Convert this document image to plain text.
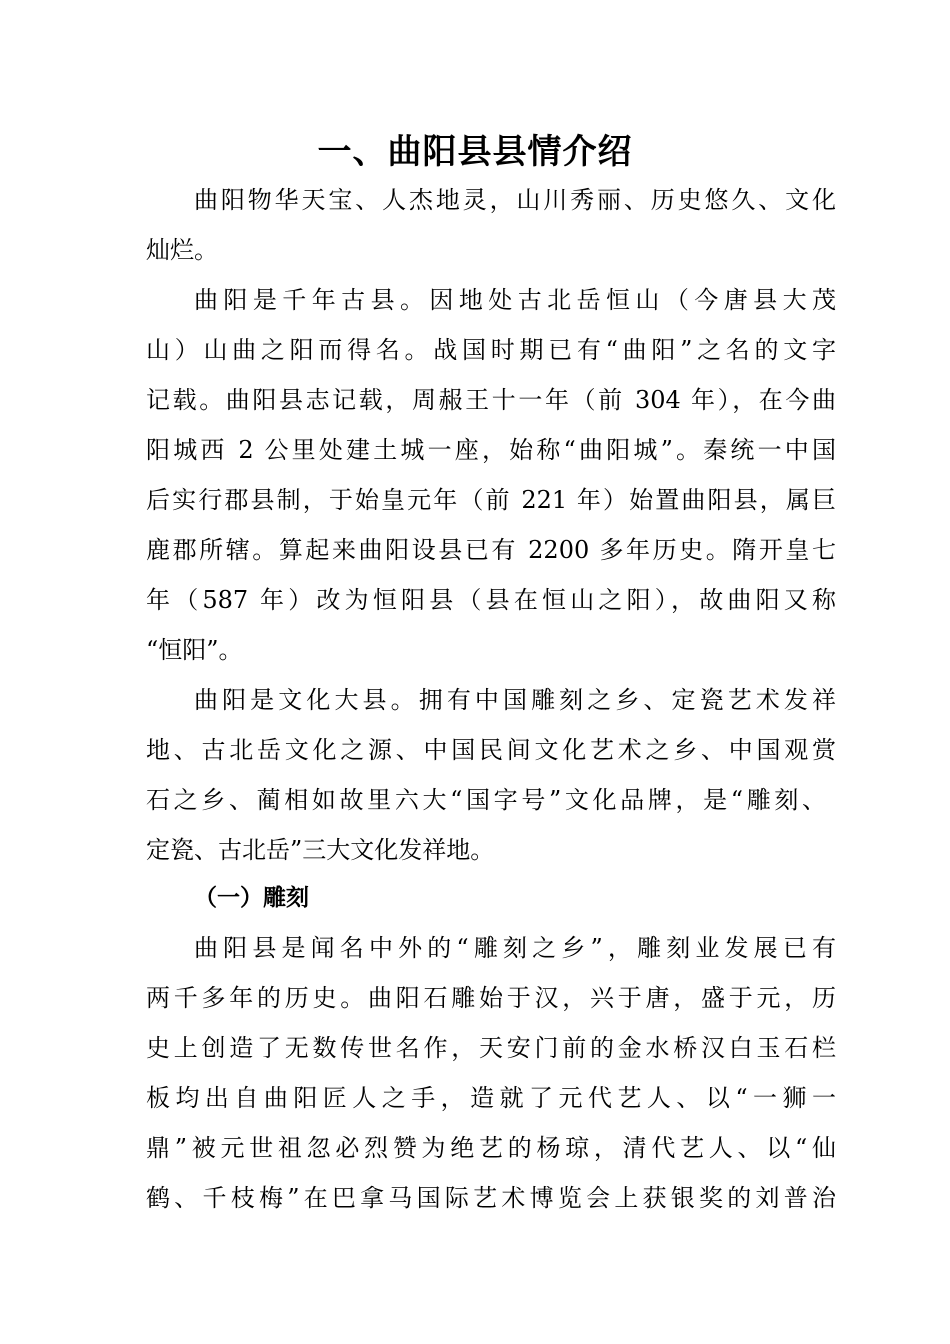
一、曲阳县县情介绍
曲阳物华天宝、人杰地灵，山川秀丽、历史悠久、文化
灿烂。
曲阳是千年古县。因地处古北岳恒山（今唐县大茂
山）山曲之阳而得名。战国时期已有“曲阳”之名的文字
记载。曲阳县志记载，周赧王十一年（前 304 年），在今曲
阳城西 2 公里处建土城一座，始称“曲阳城”。秦统一中国
后实行郡县制，于始皇元年（前 221 年）始置曲阳县，属巨
鹿郡所辖。算起来曲阳设县已有 2200 多年历史。隋开皇七
年（587 年）改为恒阳县（县在恒山之阳），故曲阳又称
“恒阳”。
曲阳是文化大县。拥有中国雕刻之乡、定瓷艺术发祥
地、古北岳文化之源、中国民间文化艺术之乡、中国观赏
石之乡、蔺相如故里六大“国字号”文化品牌，是“雕刻、
定瓷、古北岳”三大文化发祥地。
（一）雕刻
曲阳县是闻名中外的“雕刻之乡”，雕刻业发展已有
两千多年的历史。曲阳石雕始于汉，兴于唐，盛于元，历
史上创造了无数传世名作，天安门前的金水桥汉白玉石栏
板均出自曲阳匠人之手，造就了元代艺人、以“一狮一
鼎”被元世祖忽必烈赞为绝艺的杨琼，清代艺人、以“仙
鹤、千枝梅”在巴拿马国际艺术博览会上获银奖的刘普治
